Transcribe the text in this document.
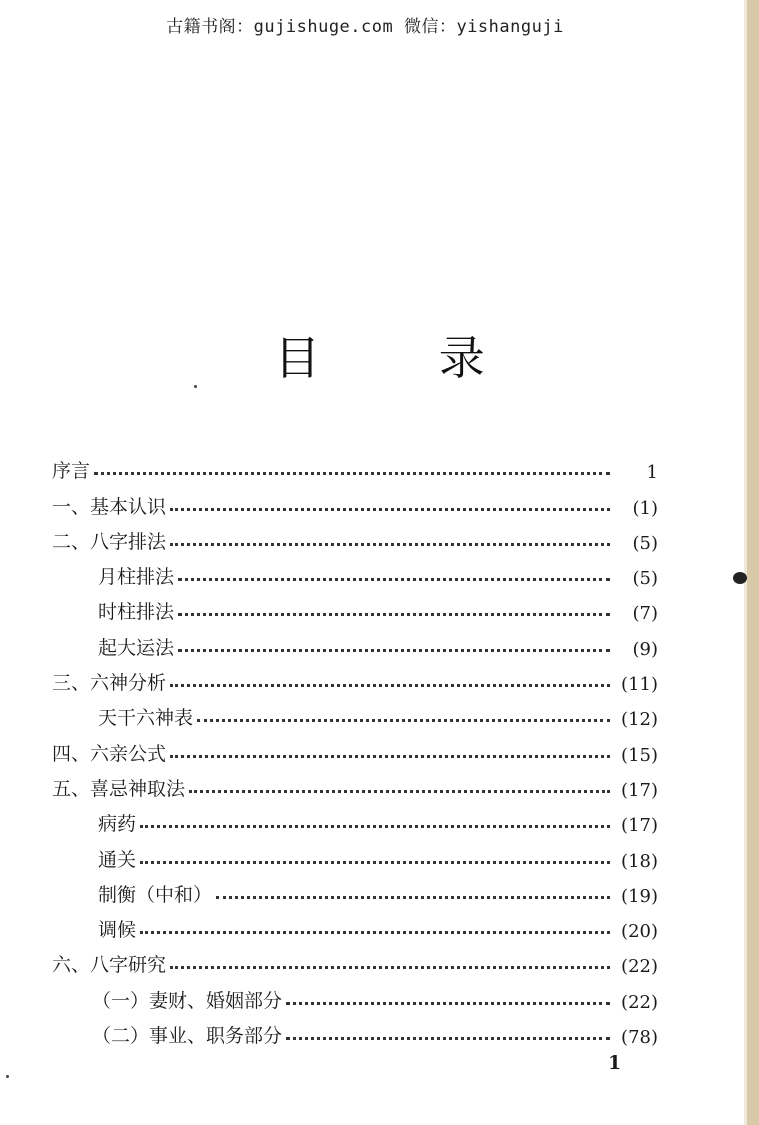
古籍书阁：gujishuge.com 微信：yishanguji
目 录
序言	1
一、基本认识	(1)
二、八字排法	(5)
月柱排法	(5)
时柱排法	(7)
起大运法	(9)
三、六神分析	(11)
天干六神表	(12)
四、六亲公式	(15)
五、喜忌神取法	(17)
病药	(17)
通关	(18)
制衡（中和）	(19)
调候	(20)
六、八字研究	(22)
（一）妻财、婚姻部分	(22)
（二）事业、职务部分	(78)
1
